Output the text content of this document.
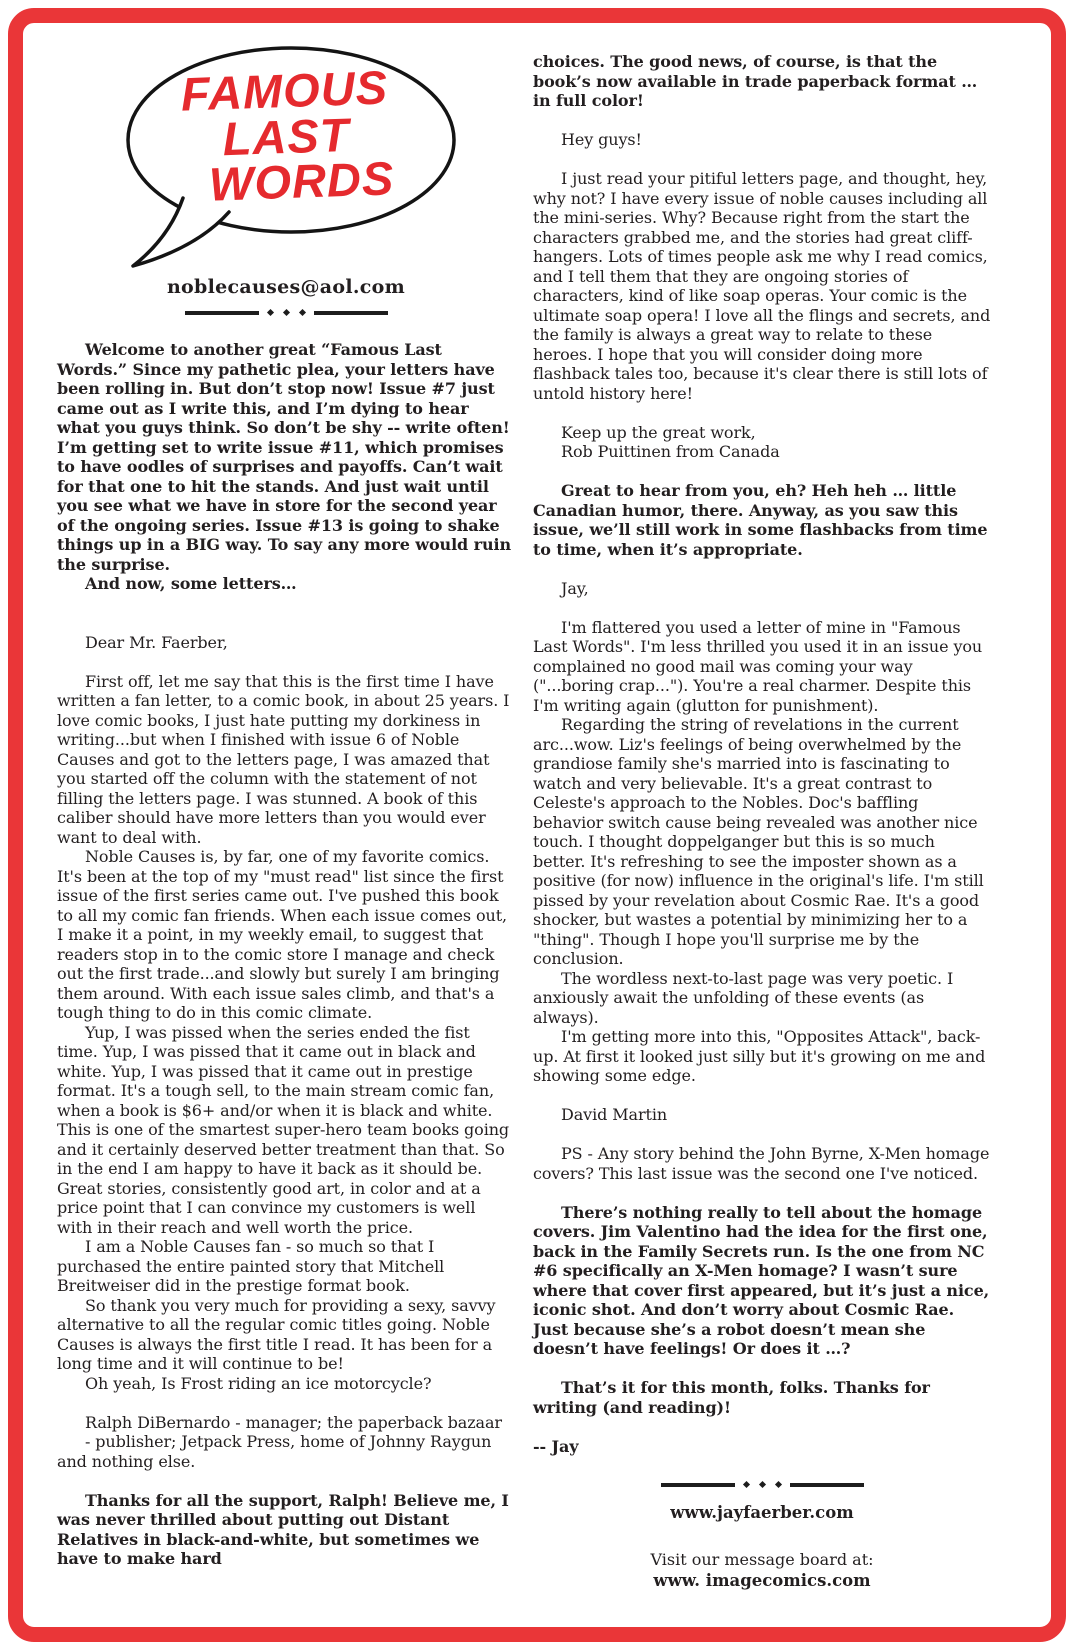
FAMOUS
LAST
WORDS
noblecauses@aol.com

Welcome to another great “Famous Last Words.” Since my pathetic plea, your letters have been rolling in. But don’t stop now! Issue #7 just came out as I write this, and I’m dying to hear what you guys think. So don’t be shy -- write often! I’m getting set to write issue #11, which promises to have oodles of surprises and payoffs. Can’t wait for that one to hit the stands. And just wait until you see what we have in store for the second year of the ongoing series. Issue #13 is going to shake things up in a BIG way. To say any more would ruin the surprise.

And now, some letters…

Dear Mr. Faerber,

First off, let me say that this is the first time I have written a fan letter, to a comic book, in about 25 years. I love comic books, I just hate putting my dorkiness in writing...but when I finished with issue 6 of Noble Causes and got to the letters page, I was amazed that you started off the column with the statement of not filling the letters page. I was stunned. A book of this caliber should have more letters than you would ever want to deal with.

Noble Causes is, by far, one of my favorite comics. It's been at the top of my "must read" list since the first issue of the first series came out. I've pushed this book to all my comic fan friends. When each issue comes out, I make it a point, in my weekly email, to suggest that readers stop in to the comic store I manage and check out the first trade...and slowly but surely I am bringing them around. With each issue sales climb, and that's a tough thing to do in this comic climate.

Yup, I was pissed when the series ended the fist time. Yup, I was pissed that it came out in black and white. Yup, I was pissed that it came out in prestige format. It's a tough sell, to the main stream comic fan, when a book is $6+ and/or when it is black and white. This is one of the smartest super-hero team books going and it certainly deserved better treatment than that. So in the end I am happy to have it back as it should be. Great stories, consistently good art, in color and at a price point that I can convince my customers is well with in their reach and well worth the price.

I am a Noble Causes fan - so much so that I purchased the entire painted story that Mitchell Breitweiser did in the prestige format book.

So thank you very much for providing a sexy, savvy alternative to all the regular comic titles going. Noble Causes is always the first title I read. It has been for a long time and it will continue to be!

Oh yeah, Is Frost riding an ice motorcycle?

Ralph DiBernardo - manager; the paperback bazaar

- publisher; Jetpack Press, home of Johnny Raygun and nothing else.

Thanks for all the support, Ralph! Believe me, I was never thrilled about putting out Distant Relatives in black-and-white, but sometimes we have to make hard

choices. The good news, of course, is that the book’s now available in trade paperback format … in full color!

Hey guys!

I just read your pitiful letters page, and thought, hey, why not? I have every issue of noble causes including all the mini-series. Why? Because right from the start the characters grabbed me, and the stories had great cliff-hangers. Lots of times people ask me why I read comics, and I tell them that they are ongoing stories of characters, kind of like soap operas. Your comic is the ultimate soap opera! I love all the flings and secrets, and the family is always a great way to relate to these heroes. I hope that you will consider doing more flashback tales too, because it's clear there is still lots of untold history here!

Keep up the great work,

Rob Puittinen from Canada

Great to hear from you, eh? Heh heh … little Canadian humor, there. Anyway, as you saw this issue, we’ll still work in some flashbacks from time to time, when it’s appropriate.

Jay,

I'm flattered you used a letter of mine in "Famous Last Words". I'm less thrilled you used it in an issue you complained no good mail was coming your way ("...boring crap..."). You're a real charmer. Despite this I'm writing again (glutton for punishment).

Regarding the string of revelations in the current arc...wow. Liz's feelings of being overwhelmed by the grandiose family she's married into is fascinating to watch and very believable. It's a great contrast to Celeste's approach to the Nobles. Doc's baffling behavior switch cause being revealed was another nice touch. I thought doppelganger but this is so much better. It's refreshing to see the imposter shown as a positive (for now) influence in the original's life. I'm still pissed by your revelation about Cosmic Rae. It's a good shocker, but wastes a potential by minimizing her to a "thing". Though I hope you'll surprise me by the conclusion.

The wordless next-to-last page was very poetic. I anxiously await the unfolding of these events (as always).

I'm getting more into this, "Opposites Attack", back-up. At first it looked just silly but it's growing on me and showing some edge.

David Martin

PS - Any story behind the John Byrne, X-Men homage covers? This last issue was the second one I've noticed.

There’s nothing really to tell about the homage covers. Jim Valentino had the idea for the first one, back in the Family Secrets run. Is the one from NC #6 specifically an X-Men homage? I wasn’t sure where that cover first appeared, but it’s just a nice, iconic shot. And don’t worry about Cosmic Rae. Just because she’s a robot doesn’t mean she doesn’t have feelings! Or does it …?

That’s it for this month, folks. Thanks for writing (and reading)!

-- Jay

www.jayfaerber.com
Visit our message board at:
www. imagecomics.com
